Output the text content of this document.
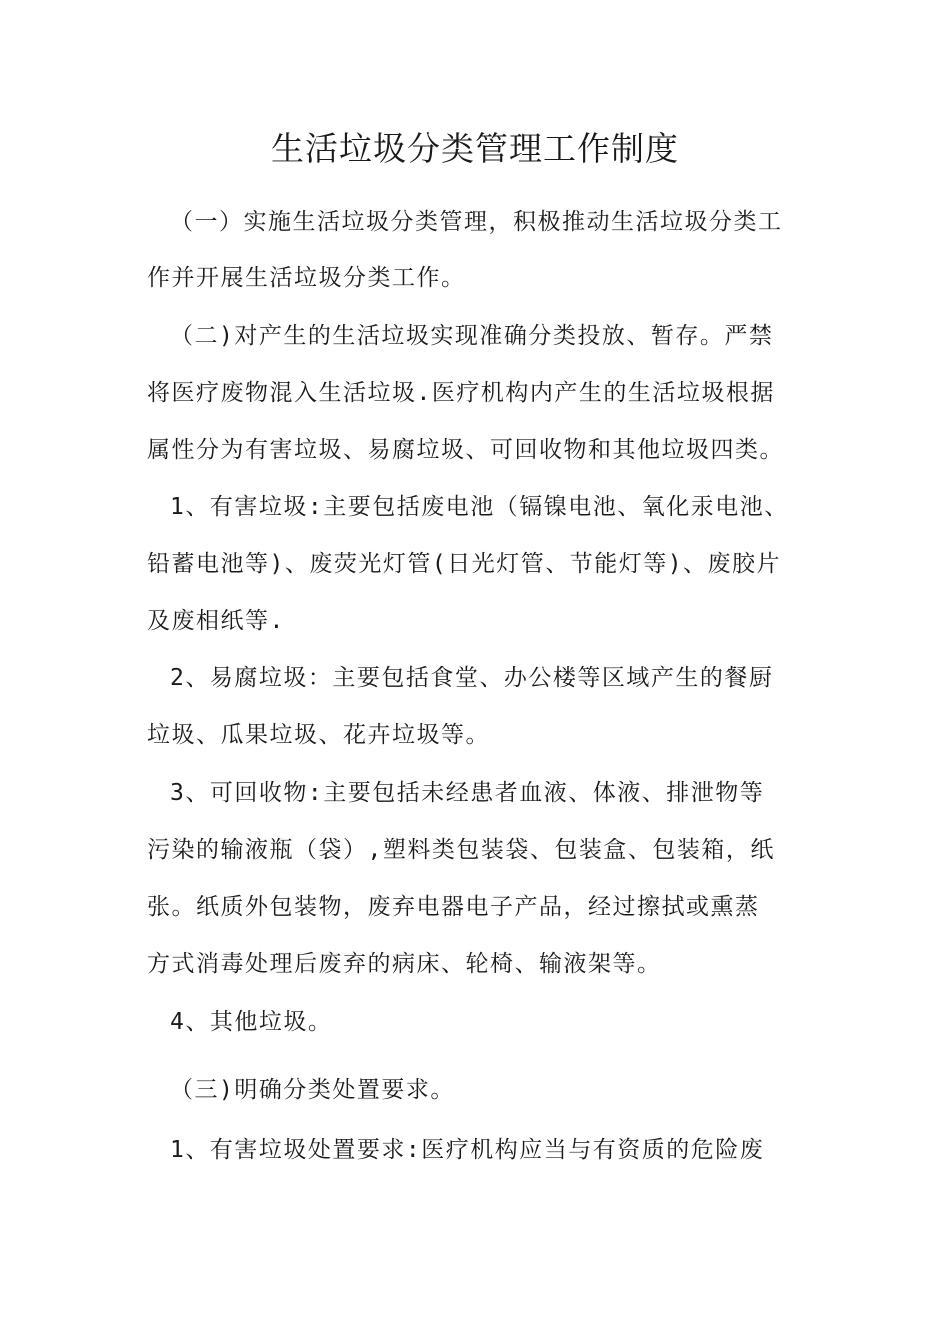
生活垃圾分类管理工作制度

（一）实施生活垃圾分类管理，积极推动生活垃圾分类工

作并开展生活垃圾分类工作。

（二)对产生的生活垃圾实现准确分类投放、暂存。严禁

将医疗废物混入生活垃圾.医疗机构内产生的生活垃圾根据

属性分为有害垃圾、易腐垃圾、可回收物和其他垃圾四类。

1、有害垃圾:主要包括废电池（镉镍电池、氧化汞电池、

铅蓄电池等)、废荧光灯管(日光灯管、节能灯等)、废胶片

及废相纸等.

2、易腐垃圾：主要包括食堂、办公楼等区域产生的餐厨

垃圾、瓜果垃圾、花卉垃圾等。

3、可回收物:主要包括未经患者血液、体液、排泄物等

污染的输液瓶（袋）,塑料类包装袋、包装盒、包装箱，纸

张。纸质外包装物，废弃电器电子产品，经过擦拭或熏蒸

方式消毒处理后废弃的病床、轮椅、输液架等。

4、其他垃圾。

（三)明确分类处置要求。

1、有害垃圾处置要求:医疗机构应当与有资质的危险废
